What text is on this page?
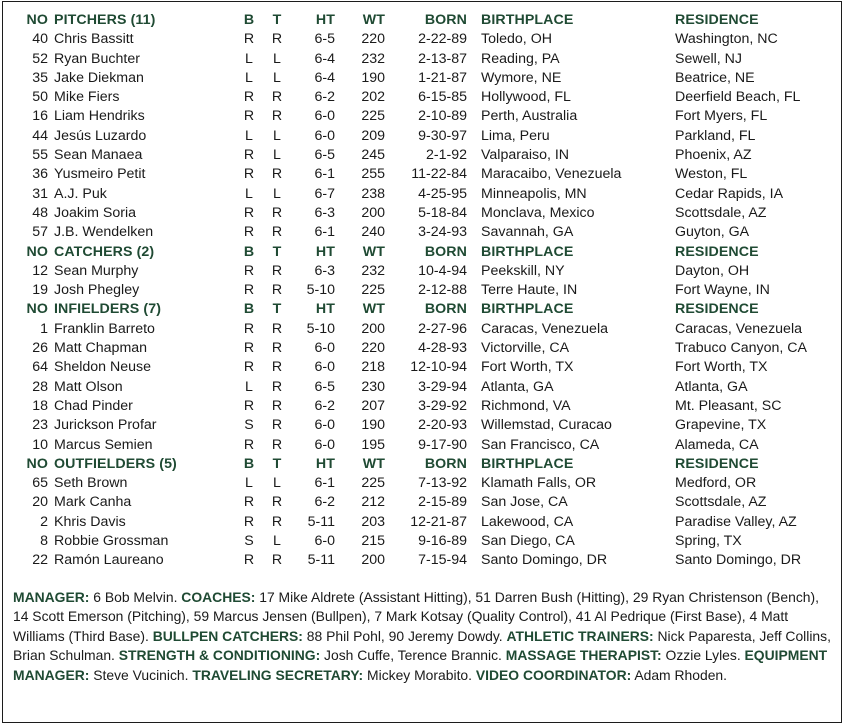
NO	PITCHERS (11)	B	T	HT	WT	BORN	BIRTHPLACE	RESIDENCE
40	Chris Bassitt	R	R	6-5	220	2-22-89	Toledo, OH	Washington, NC
52	Ryan Buchter	L	L	6-4	232	2-13-87	Reading, PA	Sewell, NJ
35	Jake Diekman	L	L	6-4	190	1-21-87	Wymore, NE	Beatrice, NE
50	Mike Fiers	R	R	6-2	202	6-15-85	Hollywood, FL	Deerfield Beach, FL
16	Liam Hendriks	R	R	6-0	225	2-10-89	Perth, Australia	Fort Myers, FL
44	Jesús Luzardo	L	L	6-0	209	9-30-97	Lima, Peru	Parkland, FL
55	Sean Manaea	R	L	6-5	245	2-1-92	Valparaiso, IN	Phoenix, AZ
36	Yusmeiro Petit	R	R	6-1	255	11-22-84	Maracaibo, Venezuela	Weston, FL
31	A.J. Puk	L	L	6-7	238	4-25-95	Minneapolis, MN	Cedar Rapids, IA
48	Joakim Soria	R	R	6-3	200	5-18-84	Monclava, Mexico	Scottsdale, AZ
57	J.B. Wendelken	R	R	6-1	240	3-24-93	Savannah, GA	Guyton, GA
NO	CATCHERS (2)	B	T	HT	WT	BORN	BIRTHPLACE	RESIDENCE
12	Sean Murphy	R	R	6-3	232	10-4-94	Peekskill, NY	Dayton, OH
19	Josh Phegley	R	R	5-10	225	2-12-88	Terre Haute, IN	Fort Wayne, IN
NO	INFIELDERS (7)	B	T	HT	WT	BORN	BIRTHPLACE	RESIDENCE
1	Franklin Barreto	R	R	5-10	200	2-27-96	Caracas, Venezuela	Caracas, Venezuela
26	Matt Chapman	R	R	6-0	220	4-28-93	Victorville, CA	Trabuco Canyon, CA
64	Sheldon Neuse	R	R	6-0	218	12-10-94	Fort Worth, TX	Fort Worth, TX
28	Matt Olson	L	R	6-5	230	3-29-94	Atlanta, GA	Atlanta, GA
18	Chad Pinder	R	R	6-2	207	3-29-92	Richmond, VA	Mt. Pleasant, SC
23	Jurickson Profar	S	R	6-0	190	2-20-93	Willemstad, Curacao	Grapevine, TX
10	Marcus Semien	R	R	6-0	195	9-17-90	San Francisco, CA	Alameda, CA
NO	OUTFIELDERS (5)	B	T	HT	WT	BORN	BIRTHPLACE	RESIDENCE
65	Seth Brown	L	L	6-1	225	7-13-92	Klamath Falls, OR	Medford, OR
20	Mark Canha	R	R	6-2	212	2-15-89	San Jose, CA	Scottsdale, AZ
2	Khris Davis	R	R	5-11	203	12-21-87	Lakewood, CA	Paradise Valley, AZ
8	Robbie Grossman	S	L	6-0	215	9-16-89	San Diego, CA	Spring, TX
22	Ramón Laureano	R	R	5-11	200	7-15-94	Santo Domingo, DR	Santo Domingo, DR
MANAGER: 6 Bob Melvin. COACHES: 17 Mike Aldrete (Assistant Hitting), 51 Darren Bush (Hitting), 29 Ryan Christenson (Bench), 14 Scott Emerson (Pitching), 59 Marcus Jensen (Bullpen), 7 Mark Kotsay (Quality Control), 41 Al Pedrique (First Base), 4 Matt Williams (Third Base). BULLPEN CATCHERS: 88 Phil Pohl, 90 Jeremy Dowdy. ATHLETIC TRAINERS: Nick Paparesta, Jeff Collins, Brian Schulman. STRENGTH & CONDITIONING: Josh Cuffe, Terence Brannic. MASSAGE THERAPIST: Ozzie Lyles. EQUIPMENT MANAGER: Steve Vucinich. TRAVELING SECRETARY: Mickey Morabito. VIDEO COORDINATOR: Adam Rhoden.
